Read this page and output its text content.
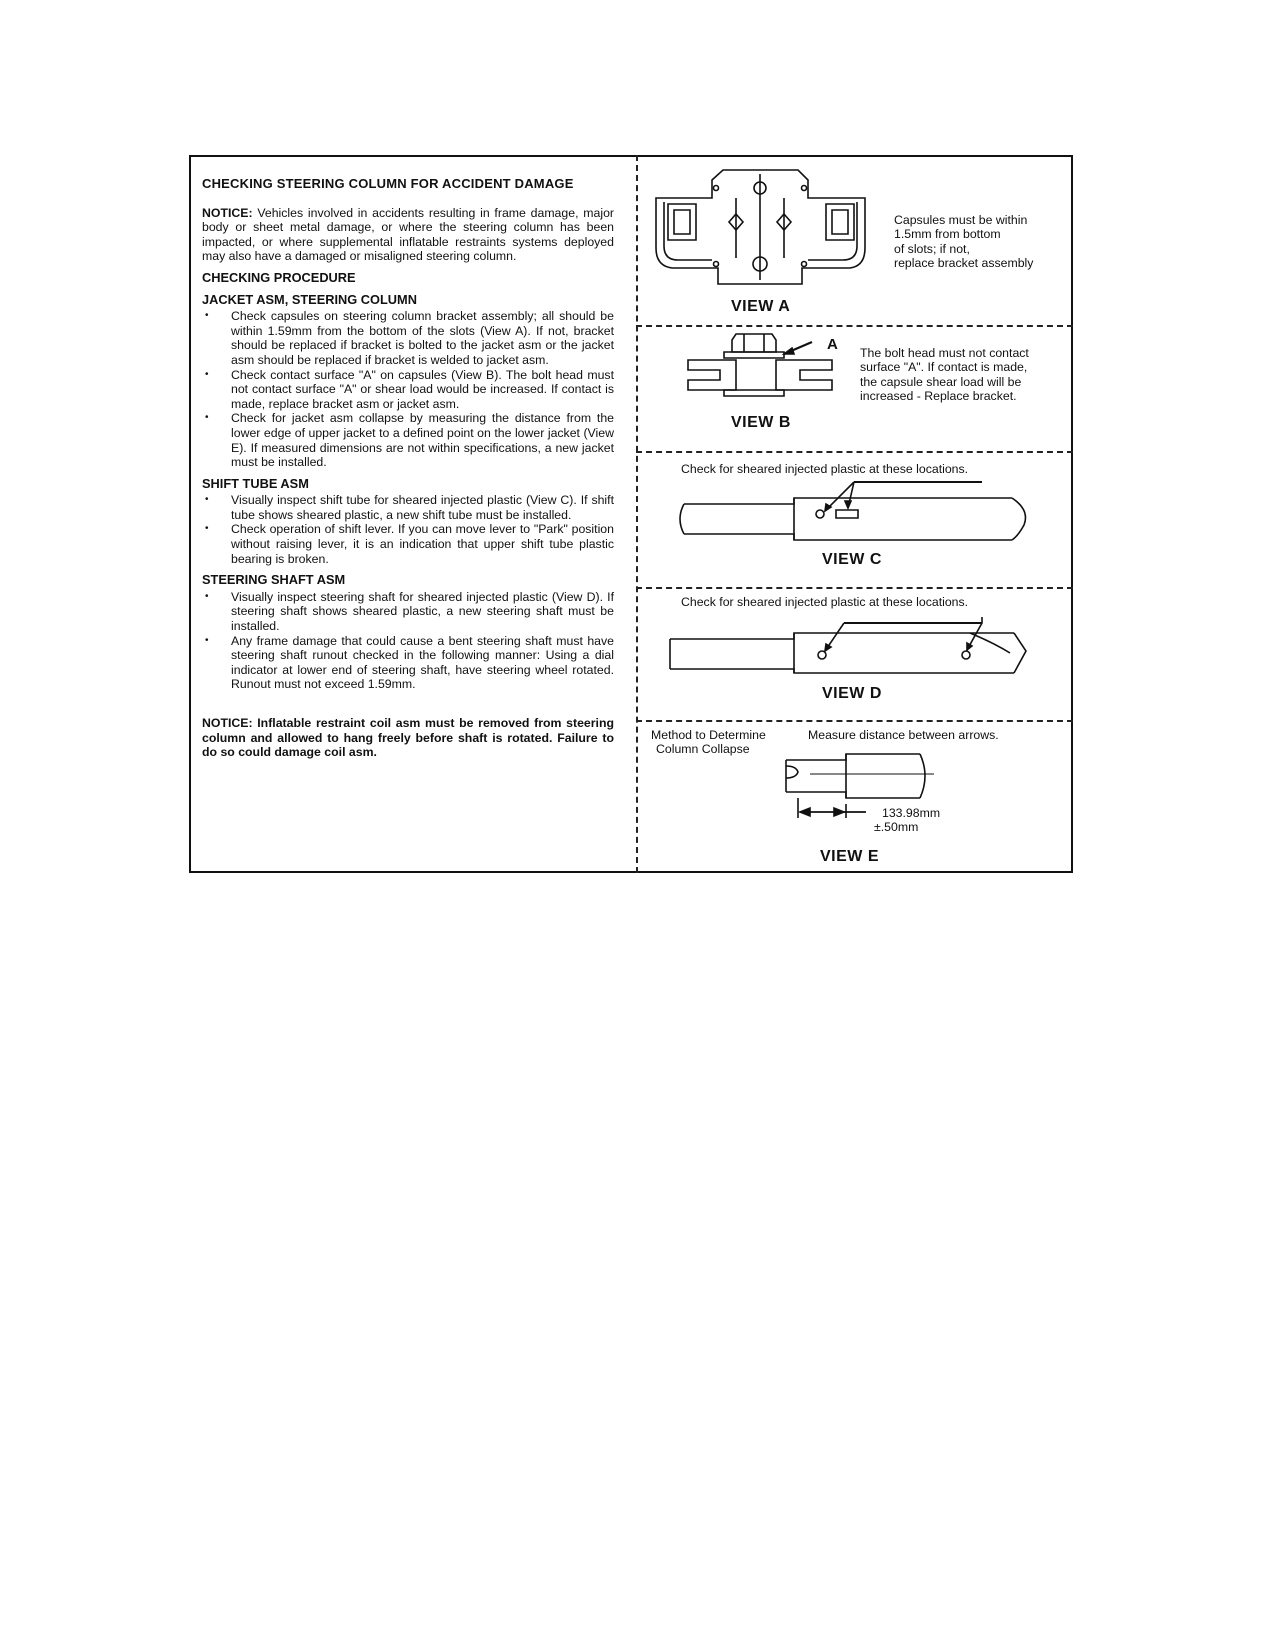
CHECKING STEERING COLUMN FOR ACCIDENT DAMAGE

NOTICE: Vehicles involved in accidents resulting in frame damage, major body or sheet metal damage, or where the steering column has been impacted, or where supplemental inflatable restraints systems deployed may also have a damaged or misaligned steering column.

CHECKING PROCEDURE
JACKET ASM, STEERING COLUMN
• Check capsules on steering column bracket assembly; all should be within 1.59mm from the bottom of the slots (View A). If not, bracket should be replaced if bracket is bolted to the jacket asm or the jacket asm should be replaced if bracket is welded to jacket asm.
• Check contact surface "A" on capsules (View B). The bolt head must not contact surface "A" or shear load would be increased. If contact is made, replace bracket asm or jacket asm.
• Check for jacket asm collapse by measuring the distance from the lower edge of upper jacket to a defined point on the lower jacket (View E). If measured dimensions are not within specifications, a new jacket must be installed.
SHIFT TUBE ASM
• Visually inspect shift tube for sheared injected plastic (View C). If shift tube shows sheared plastic, a new shift tube must be installed.
• Check operation of shift lever. If you can move lever to "Park" position without raising lever, it is an indication that upper shift tube plastic bearing is broken.
STEERING SHAFT ASM
• Visually inspect steering shaft for sheared injected plastic (View D). If steering shaft shows sheared plastic, a new steering shaft must be installed.
• Any frame damage that could cause a bent steering shaft must have steering shaft runout checked in the following manner: Using a dial indicator at lower end of steering shaft, have steering wheel rotated. Runout must not exceed 1.59mm.

NOTICE: Inflatable restraint coil asm must be removed from steering column and allowed to hang freely before shaft is rotated. Failure to do so could damage coil asm.

VIEW A
Capsules must be within
1.5mm from bottom
of slots; if not,
replace bracket assembly
A
VIEW B
The bolt head must not contact
surface "A". If contact is made,
the capsule shear load will be
increased - Replace bracket.
Check for sheared injected plastic at these locations.
VIEW C
Check for sheared injected plastic at these locations.
VIEW D
Method to Determine
Column Collapse
Measure distance between arrows.
133.98mm
±.50mm
VIEW E
